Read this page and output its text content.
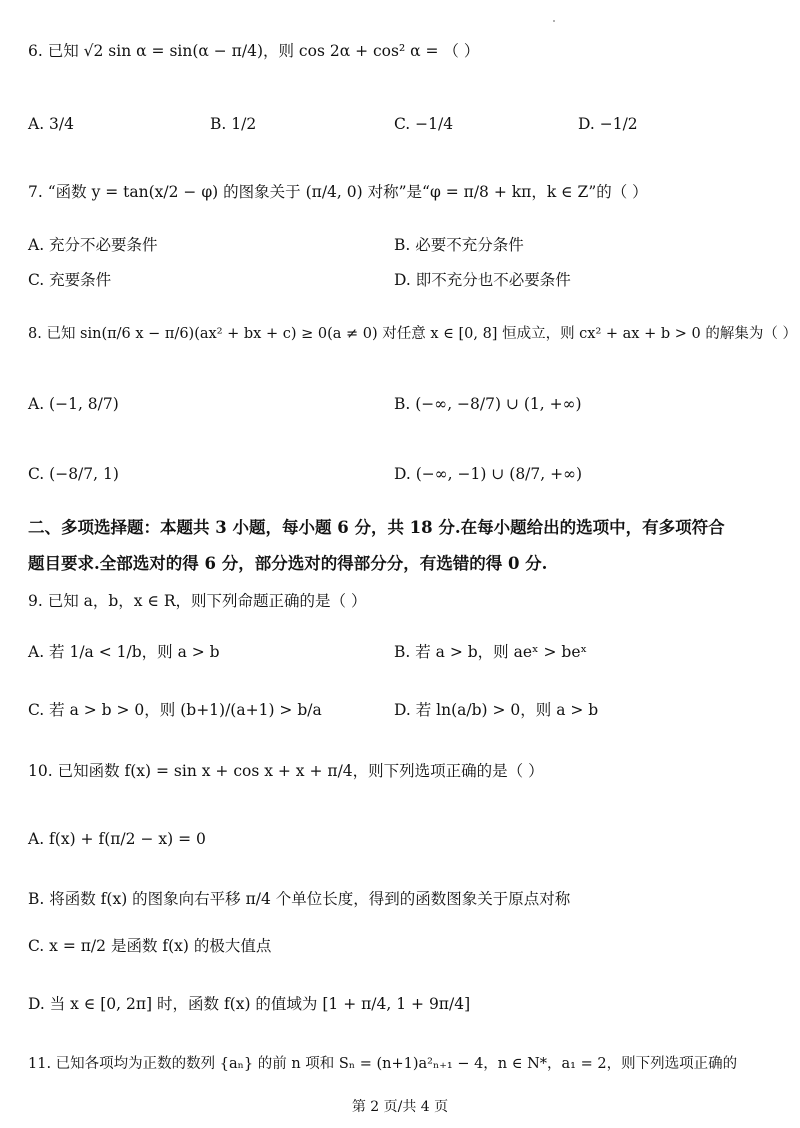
6. 已知 √2 sin α = sin(α − π/4)，则 cos 2α + cos² α = （ ）
A. 3/4	B. 1/2	C. −1/4	D. −1/2
7. “函数 y = tan(x/2 − φ) 的图象关于 (π/4, 0) 对称”是“φ = π/8 + kπ，k ∈ Z”的（ ）
A. 充分不必要条件	B. 必要不充分条件
C. 充要条件	D. 即不充分也不必要条件
8. 已知 sin(π/6 x − π/6)(ax² + bx + c) ≥ 0(a ≠ 0) 对任意 x ∈ [0, 8] 恒成立，则 cx² + ax + b > 0 的解集为（ ）
A. (−1, 8/7)	B. (−∞, −8/7) ∪ (1, +∞)
C. (−8/7, 1)	D. (−∞, −1) ∪ (8/7, +∞)
二、多项选择题：本题共 3 小题，每小题 6 分，共 18 分.在每小题给出的选项中，有多项符合
题目要求.全部选对的得 6 分，部分选对的得部分分，有选错的得 0 分.
9. 已知 a，b，x ∈ R，则下列命题正确的是（ ）
A. 若 1/a < 1/b，则 a > b	B. 若 a > b，则 aeˣ > beˣ
C. 若 a > b > 0，则 (b+1)/(a+1) > b/a	D. 若 ln(a/b) > 0，则 a > b
10. 已知函数 f(x) = sin x + cos x + x + π/4，则下列选项正确的是（ ）
A. f(x) + f(π/2 − x) = 0
B. 将函数 f(x) 的图象向右平移 π/4 个单位长度，得到的函数图象关于原点对称
C. x = π/2 是函数 f(x) 的极大值点
D. 当 x ∈ [0, 2π] 时，函数 f(x) 的值域为 [1 + π/4, 1 + 9π/4]
11. 已知各项均为正数的数列 {aₙ} 的前 n 项和 Sₙ = (n+1)a²ₙ₊₁ − 4，n ∈ N*，a₁ = 2，则下列选项正确的
第 2 页/共 4 页
